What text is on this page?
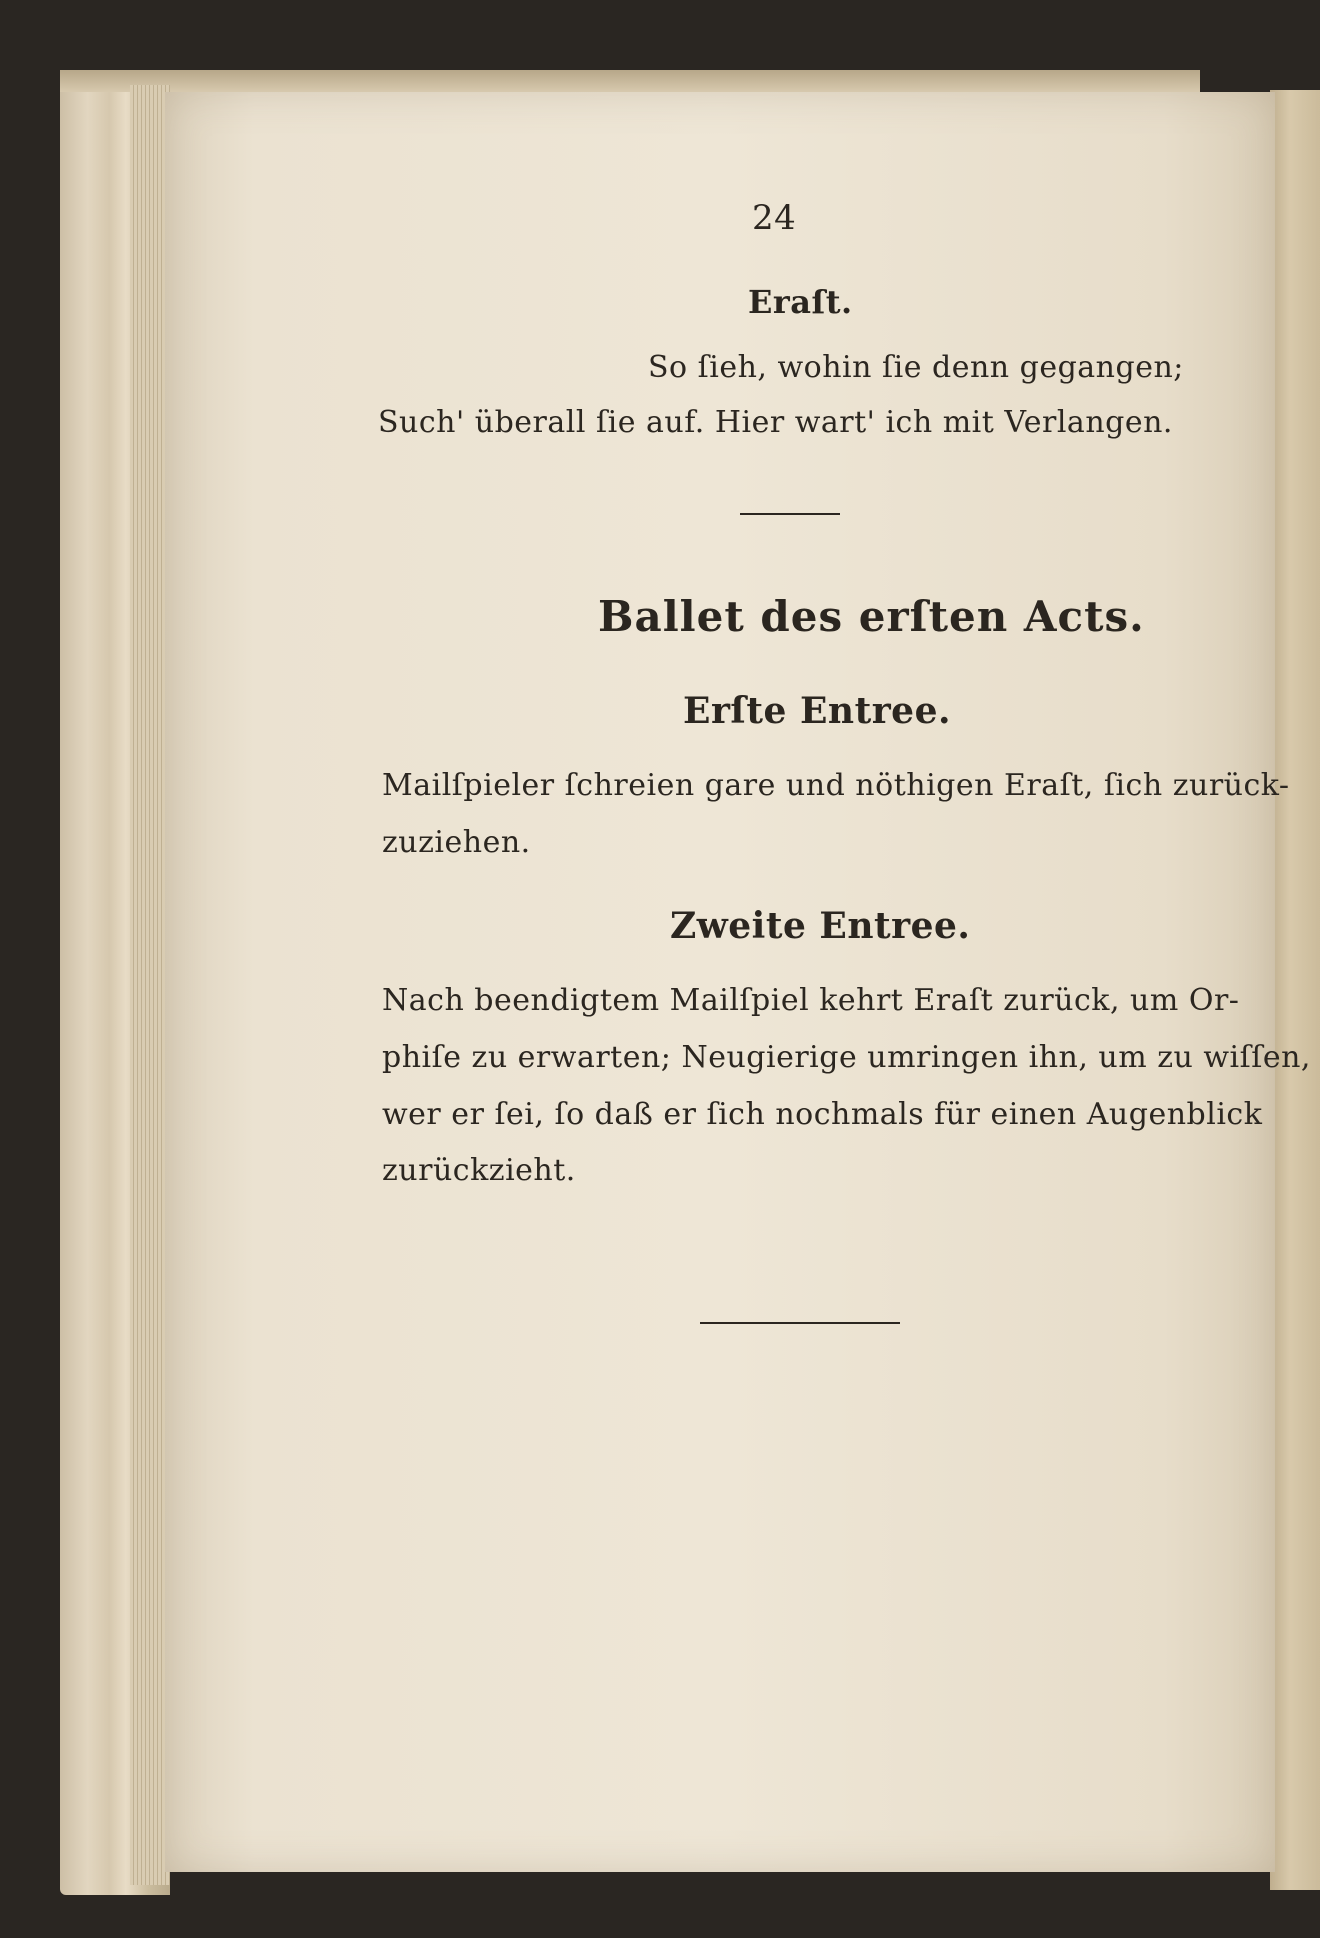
24
Eraſt.
So ſieh, wohin ſie denn gegangen;
Such' überall ſie auf. Hier wart' ich mit Verlangen.
Ballet des erſten Acts.
Erſte Entree.
Mailſpieler ſchreien gare und nöthigen Eraſt, ſich zurück-
zuziehen.
Zweite Entree.
Nach beendigtem Mailſpiel kehrt Eraſt zurück, um Or-
phiſe zu erwarten; Neugierige umringen ihn, um zu wiſſen,
wer er ſei, ſo daß er ſich nochmals für einen Augenblick
zurückzieht.
